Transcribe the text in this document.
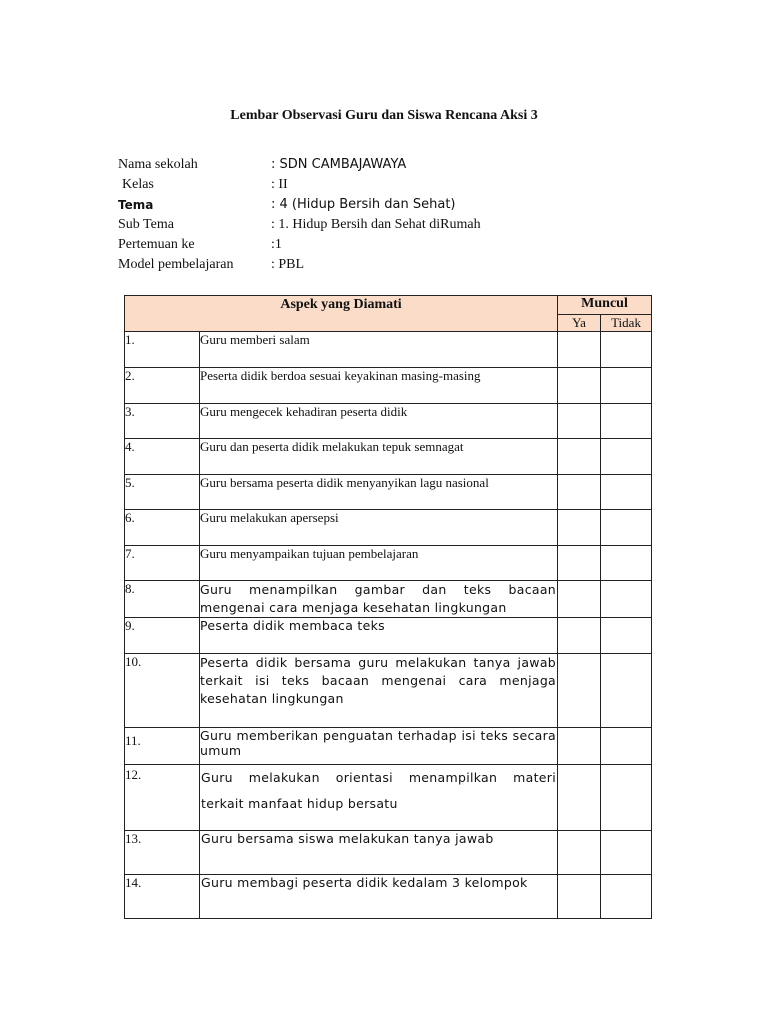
Lembar Observasi Guru dan Siswa Rencana Aksi 3
Nama sekolah	: SDN CAMBAJAWAYA
Kelas	: II
Tema	: 4 (Hidup Bersih dan Sehat)
Sub Tema	: 1. Hidup Bersih dan Sehat diRumah
Pertemuan ke	:1
Model pembelajaran	: PBL
Aspek yang Diamati		Muncul	
		Ya	Tidak
1.	Guru memberi salam		
2.	Peserta didik berdoa sesuai keyakinan masing-masing		
3.	Guru mengecek kehadiran peserta didik		
4.	Guru dan peserta didik melakukan tepuk semnagat		
5.	Guru bersama peserta didik menyanyikan lagu nasional		
6.	Guru melakukan apersepsi		
7.	Guru menyampaikan tujuan pembelajaran		
8.	Guru menampilkan gambar dan teks bacaan mengenai cara menjaga kesehatan lingkungan		
9.	Peserta didik membaca teks		
10.	Peserta didik bersama guru melakukan tanya jawab terkait isi teks bacaan mengenai cara menjaga kesehatan lingkungan		
11.	Guru memberikan penguatan terhadap isi teks secara umum		
12.	Guru melakukan orientasi menampilkan materi terkait manfaat hidup bersatu		
13.	Guru bersama siswa melakukan tanya jawab		
14.	Guru membagi peserta didik kedalam 3 kelompok		
